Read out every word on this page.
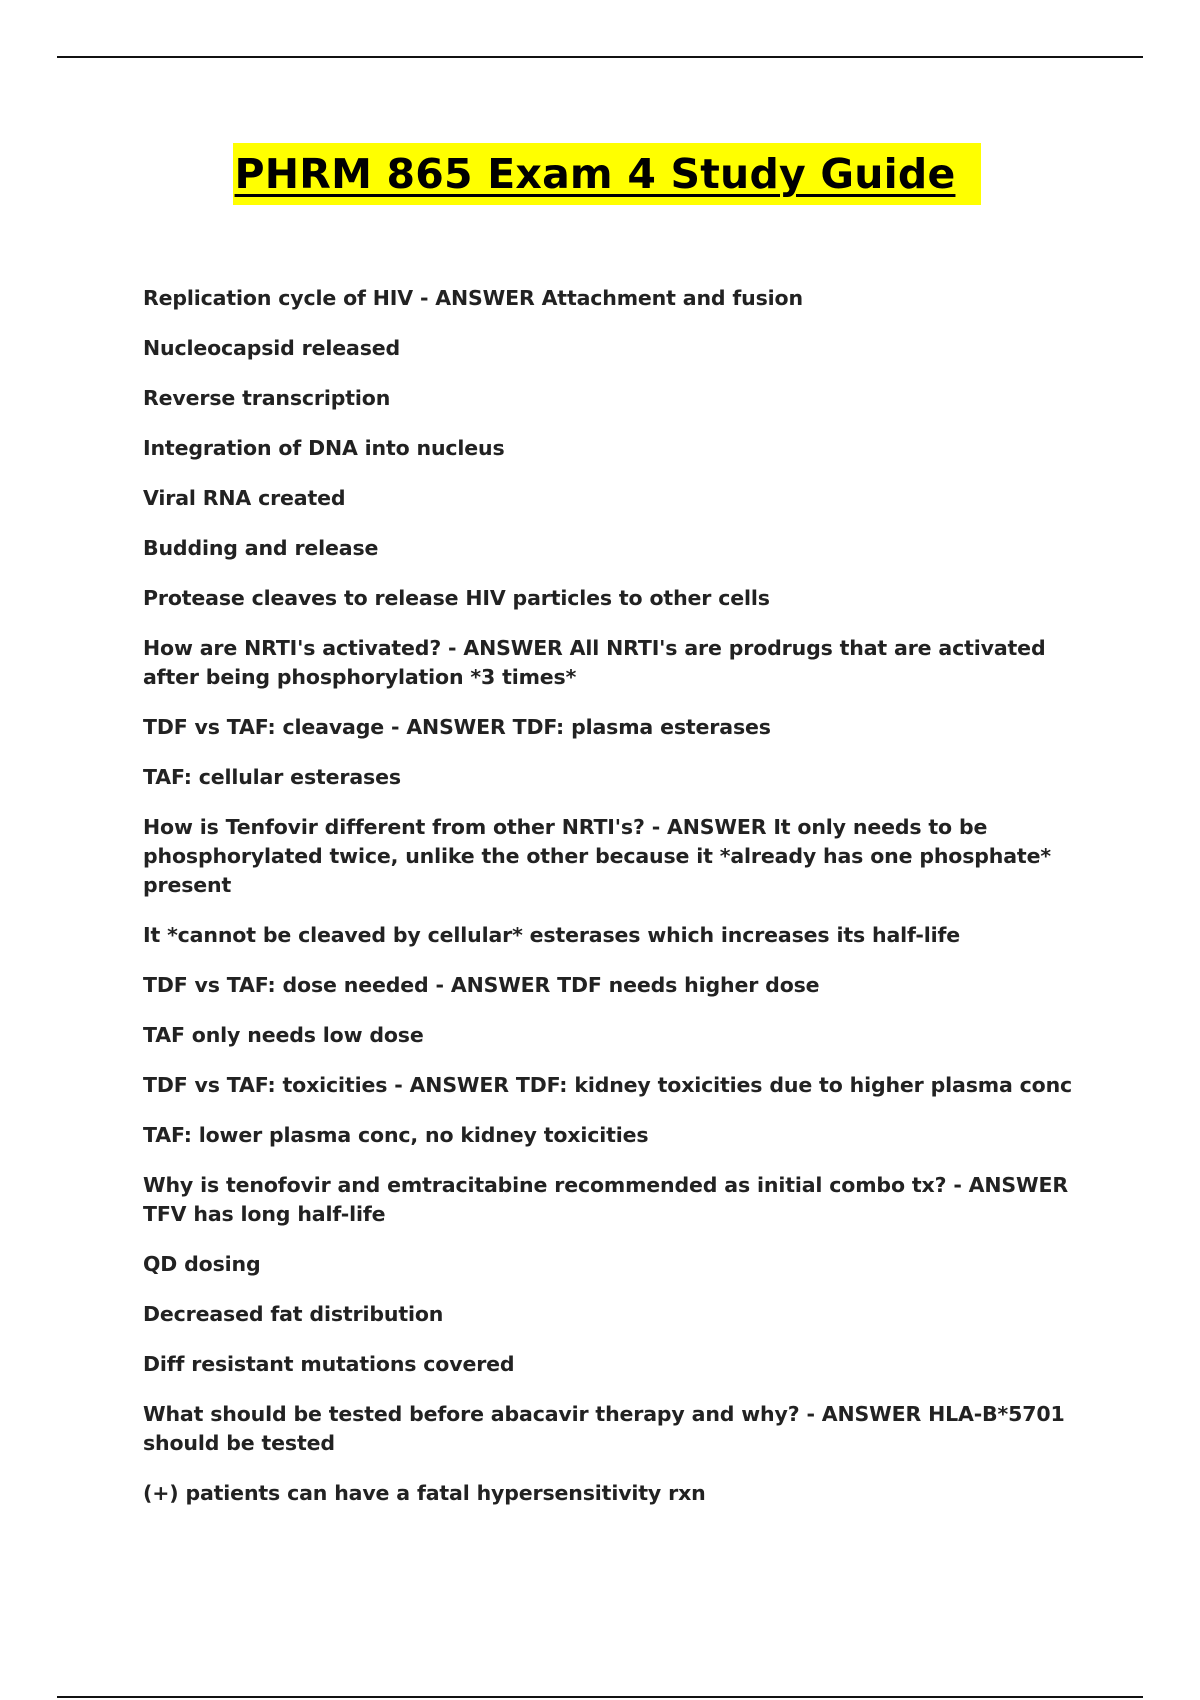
PHRM 865 Exam 4 Study Guide

Replication cycle of HIV - ANSWER Attachment and fusion

Nucleocapsid released

Reverse transcription

Integration of DNA into nucleus

Viral RNA created

Budding and release

Protease cleaves to release HIV particles to other cells

How are NRTI's activated? - ANSWER All NRTI's are prodrugs that are activated after being phosphorylation *3 times*

TDF vs TAF: cleavage - ANSWER TDF: plasma esterases

TAF: cellular esterases

How is Tenfovir different from other NRTI's? - ANSWER It only needs to be phosphorylated twice, unlike the other because it *already has one phosphate* present

It *cannot be cleaved by cellular* esterases which increases its half-life

TDF vs TAF: dose needed - ANSWER TDF needs higher dose

TAF only needs low dose

TDF vs TAF: toxicities - ANSWER TDF: kidney toxicities due to higher plasma conc

TAF: lower plasma conc, no kidney toxicities

Why is tenofovir and emtracitabine recommended as initial combo tx? - ANSWER TFV has long half-life

QD dosing

Decreased fat distribution

Diff resistant mutations covered

What should be tested before abacavir therapy and why? - ANSWER HLA-B*5701 should be tested

(+) patients can have a fatal hypersensitivity rxn
